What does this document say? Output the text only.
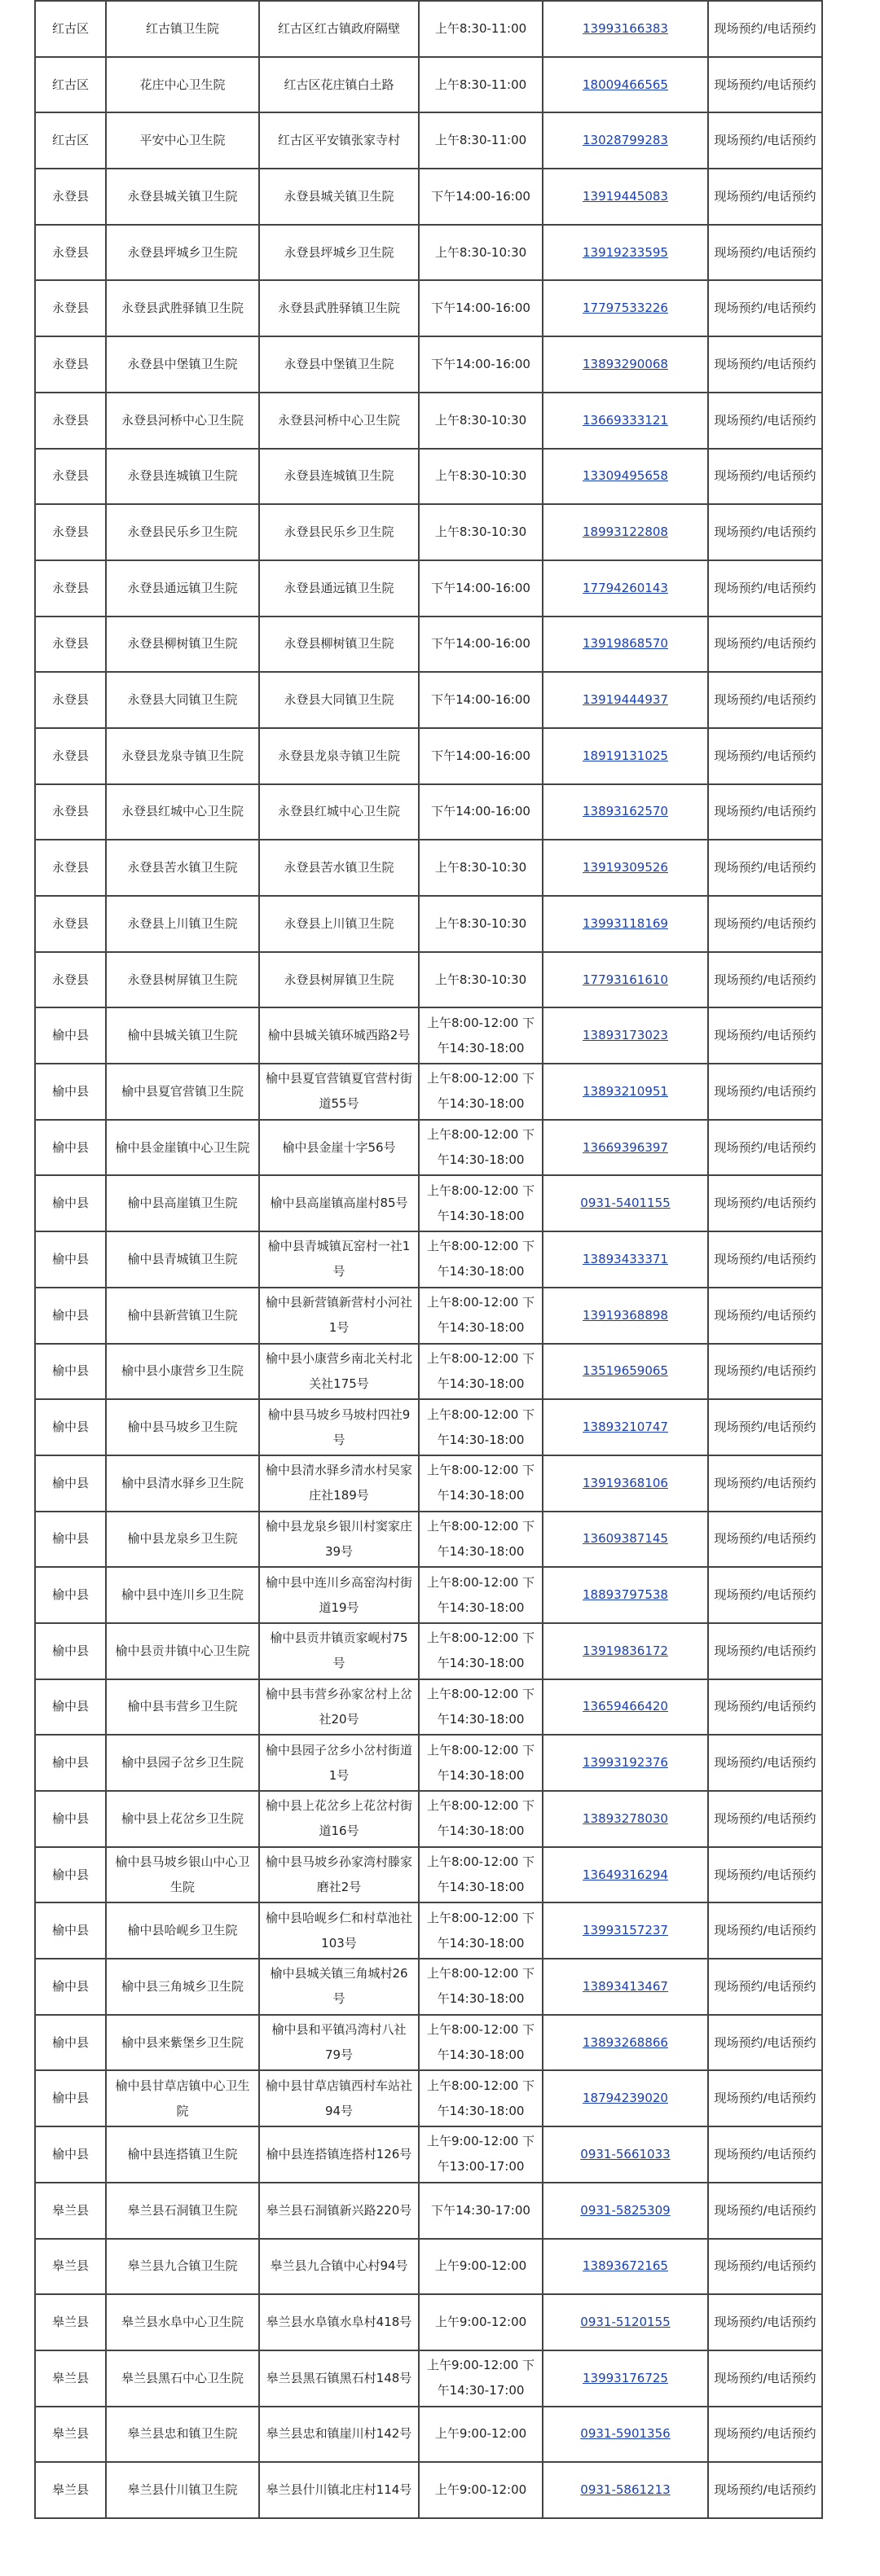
红古区	红古镇卫生院	红古区红古镇政府隔壁	上午8:30-11:00	13993166383	现场预约/电话预约
红古区	花庄中心卫生院	红古区花庄镇白土路	上午8:30-11:00	18009466565	现场预约/电话预约
红古区	平安中心卫生院	红古区平安镇张家寺村	上午8:30-11:00	13028799283	现场预约/电话预约
永登县	永登县城关镇卫生院	永登县城关镇卫生院	下午14:00-16:00	13919445083	现场预约/电话预约
永登县	永登县坪城乡卫生院	永登县坪城乡卫生院	上午8:30-10:30	13919233595	现场预约/电话预约
永登县	永登县武胜驿镇卫生院	永登县武胜驿镇卫生院	下午14:00-16:00	17797533226	现场预约/电话预约
永登县	永登县中堡镇卫生院	永登县中堡镇卫生院	下午14:00-16:00	13893290068	现场预约/电话预约
永登县	永登县河桥中心卫生院	永登县河桥中心卫生院	上午8:30-10:30	13669333121	现场预约/电话预约
永登县	永登县连城镇卫生院	永登县连城镇卫生院	上午8:30-10:30	13309495658	现场预约/电话预约
永登县	永登县民乐乡卫生院	永登县民乐乡卫生院	上午8:30-10:30	18993122808	现场预约/电话预约
永登县	永登县通远镇卫生院	永登县通远镇卫生院	下午14:00-16:00	17794260143	现场预约/电话预约
永登县	永登县柳树镇卫生院	永登县柳树镇卫生院	下午14:00-16:00	13919868570	现场预约/电话预约
永登县	永登县大同镇卫生院	永登县大同镇卫生院	下午14:00-16:00	13919444937	现场预约/电话预约
永登县	永登县龙泉寺镇卫生院	永登县龙泉寺镇卫生院	下午14:00-16:00	18919131025	现场预约/电话预约
永登县	永登县红城中心卫生院	永登县红城中心卫生院	下午14:00-16:00	13893162570	现场预约/电话预约
永登县	永登县苦水镇卫生院	永登县苦水镇卫生院	上午8:30-10:30	13919309526	现场预约/电话预约
永登县	永登县上川镇卫生院	永登县上川镇卫生院	上午8:30-10:30	13993118169	现场预约/电话预约
永登县	永登县树屏镇卫生院	永登县树屏镇卫生院	上午8:30-10:30	17793161610	现场预约/电话预约
榆中县	榆中县城关镇卫生院	榆中县城关镇环城西路2号	上午8:00-12:00 下午14:30-18:00	13893173023	现场预约/电话预约
榆中县	榆中县夏官营镇卫生院	榆中县夏官营镇夏官营村街道55号	上午8:00-12:00 下午14:30-18:00	13893210951	现场预约/电话预约
榆中县	榆中县金崖镇中心卫生院	榆中县金崖十字56号	上午8:00-12:00 下午14:30-18:00	13669396397	现场预约/电话预约
榆中县	榆中县高崖镇卫生院	榆中县高崖镇高崖村85号	上午8:00-12:00 下午14:30-18:00	0931-5401155	现场预约/电话预约
榆中县	榆中县青城镇卫生院	榆中县青城镇瓦窑村一社1号	上午8:00-12:00 下午14:30-18:00	13893433371	现场预约/电话预约
榆中县	榆中县新营镇卫生院	榆中县新营镇新营村小河社1号	上午8:00-12:00 下午14:30-18:00	13919368898	现场预约/电话预约
榆中县	榆中县小康营乡卫生院	榆中县小康营乡南北关村北关社175号	上午8:00-12:00 下午14:30-18:00	13519659065	现场预约/电话预约
榆中县	榆中县马坡乡卫生院	榆中县马坡乡马坡村四社9号	上午8:00-12:00 下午14:30-18:00	13893210747	现场预约/电话预约
榆中县	榆中县清水驿乡卫生院	榆中县清水驿乡清水村吴家庄社189号	上午8:00-12:00 下午14:30-18:00	13919368106	现场预约/电话预约
榆中县	榆中县龙泉乡卫生院	榆中县龙泉乡银川村窦家庄39号	上午8:00-12:00 下午14:30-18:00	13609387145	现场预约/电话预约
榆中县	榆中县中连川乡卫生院	榆中县中连川乡高窑沟村街道19号	上午8:00-12:00 下午14:30-18:00	18893797538	现场预约/电话预约
榆中县	榆中县贡井镇中心卫生院	榆中县贡井镇贡家岘村75号	上午8:00-12:00 下午14:30-18:00	13919836172	现场预约/电话预约
榆中县	榆中县韦营乡卫生院	榆中县韦营乡孙家岔村上岔社20号	上午8:00-12:00 下午14:30-18:00	13659466420	现场预约/电话预约
榆中县	榆中县园子岔乡卫生院	榆中县园子岔乡小岔村街道1号	上午8:00-12:00 下午14:30-18:00	13993192376	现场预约/电话预约
榆中县	榆中县上花岔乡卫生院	榆中县上花岔乡上花岔村街道16号	上午8:00-12:00 下午14:30-18:00	13893278030	现场预约/电话预约
榆中县	榆中县马坡乡银山中心卫生院	榆中县马坡乡孙家湾村滕家磨社2号	上午8:00-12:00 下午14:30-18:00	13649316294	现场预约/电话预约
榆中县	榆中县哈岘乡卫生院	榆中县哈岘乡仁和村草池社103号	上午8:00-12:00 下午14:30-18:00	13993157237	现场预约/电话预约
榆中县	榆中县三角城乡卫生院	榆中县城关镇三角城村26号	上午8:00-12:00 下午14:30-18:00	13893413467	现场预约/电话预约
榆中县	榆中县来紫堡乡卫生院	榆中县和平镇冯湾村八社79号	上午8:00-12:00 下午14:30-18:00	13893268866	现场预约/电话预约
榆中县	榆中县甘草店镇中心卫生院	榆中县甘草店镇西村车站社94号	上午8:00-12:00 下午14:30-18:00	18794239020	现场预约/电话预约
榆中县	榆中县连搭镇卫生院	榆中县连搭镇连搭村126号	上午9:00-12:00 下午13:00-17:00	0931-5661033	现场预约/电话预约
皋兰县	皋兰县石洞镇卫生院	皋兰县石洞镇新兴路220号	下午14:30-17:00	0931-5825309	现场预约/电话预约
皋兰县	皋兰县九合镇卫生院	皋兰县九合镇中心村94号	上午9:00-12:00	13893672165	现场预约/电话预约
皋兰县	皋兰县水阜中心卫生院	皋兰县水阜镇水阜村418号	上午9:00-12:00	0931-5120155	现场预约/电话预约
皋兰县	皋兰县黑石中心卫生院	皋兰县黑石镇黑石村148号	上午9:00-12:00 下午14:30-17:00	13993176725	现场预约/电话预约
皋兰县	皋兰县忠和镇卫生院	皋兰县忠和镇崖川村142号	上午9:00-12:00	0931-5901356	现场预约/电话预约
皋兰县	皋兰县什川镇卫生院	皋兰县什川镇北庄村114号	上午9:00-12:00	0931-5861213	现场预约/电话预约
